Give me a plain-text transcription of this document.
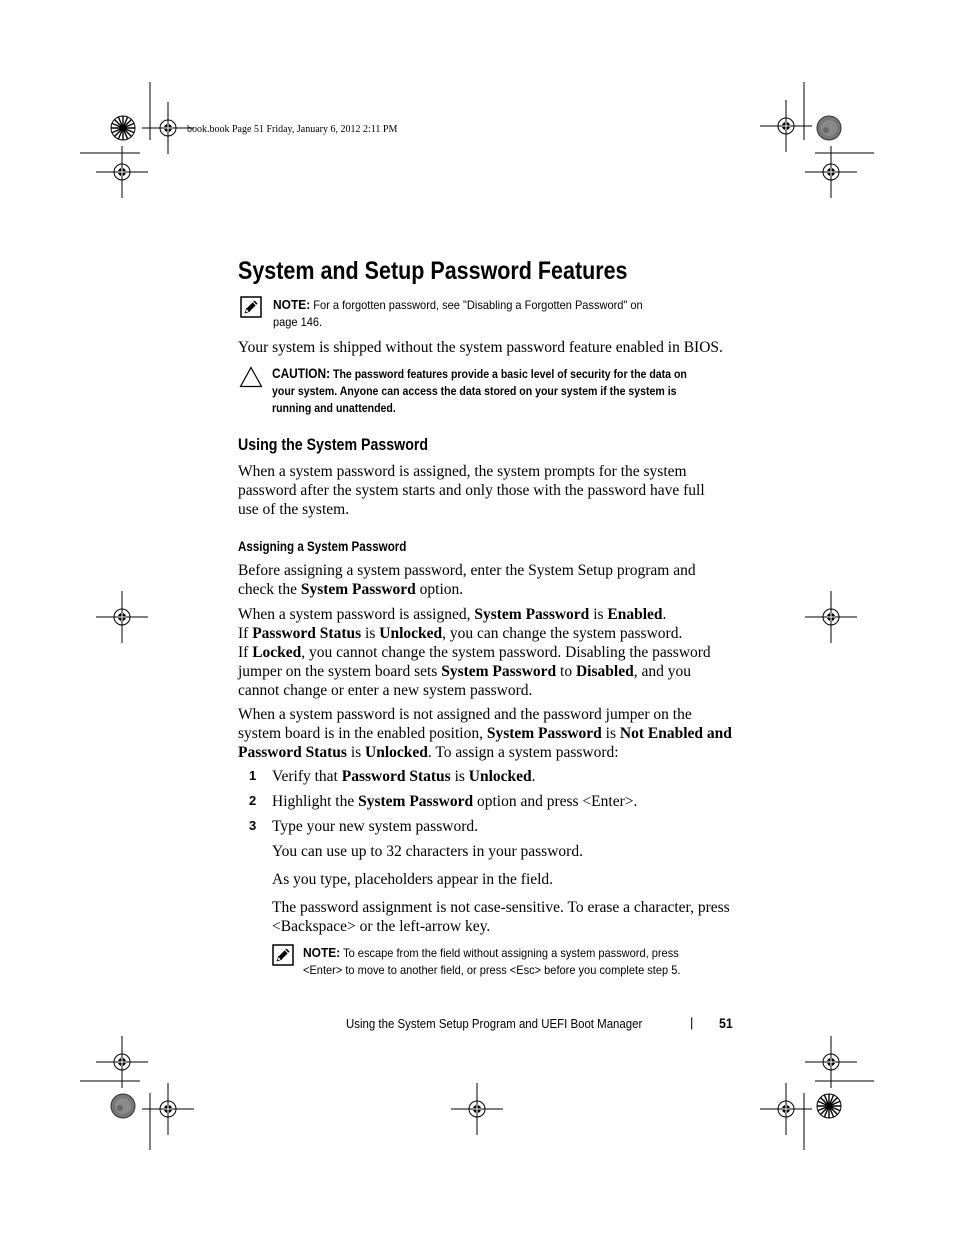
book.book Page 51 Friday, January 6, 2012 2:11 PM
System and Setup Password Features
NOTE: For a forgotten password, see "Disabling a Forgotten Password" on
page 146.
Your system is shipped without the system password feature enabled in BIOS.
CAUTION: The password features provide a basic level of security for the data on
your system. Anyone can access the data stored on your system if the system is
running and unattended.
Using the System Password

When a system password is assigned, the system prompts for the system

password after the system starts and only those with the password have full

use of the system.

Assigning a System Password

Before assigning a system password, enter the System Setup program and

check the System Password option.

When a system password is assigned, System Password is Enabled.

If Password Status is Unlocked, you can change the system password.

If Locked, you cannot change the system password. Disabling the password

jumper on the system board sets System Password to Disabled, and you

cannot change or enter a new system password.

When a system password is not assigned and the password jumper on the

system board is in the enabled position, System Password is Not Enabled and

Password Status is Unlocked. To assign a system password:

1 Verify that Password Status is Unlocked.
2 Highlight the System Password option and press <Enter>.
3 Type your new system password.
You can use up to 32 characters in your password.
As you type, placeholders appear in the field.

The password assignment is not case-sensitive. To erase a character, press

<Backspace> or the left-arrow key.

NOTE: To escape from the field without assigning a system password, press
<Enter> to move to another field, or press <Esc> before you complete step 5.
Using the System Setup Program and UEFI Boot Manager	| 51
